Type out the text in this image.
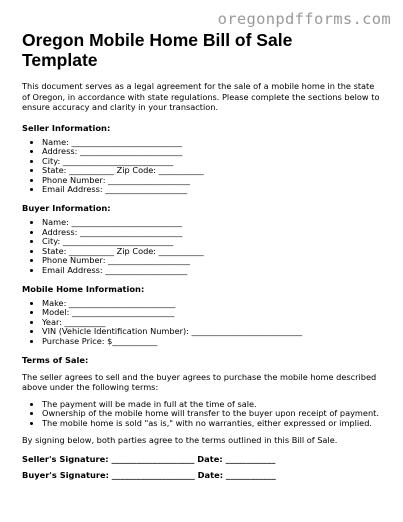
oregonpdfforms.com
Oregon Mobile Home Bill of Sale
Template

This document serves as a legal agreement for the sale of a mobile home in the state of Oregon, in accordance with state regulations. Please complete the sections below to ensure accuracy and clarity in your transaction.

Seller Information:
• Name: ___________________________
• Address: _________________________
• City: ___________________________
• State: ___________ Zip Code: ___________
• Phone Number: ____________________
• Email Address: ____________________
Buyer Information:
• Name: ___________________________
• Address: _________________________
• City: ___________________________
• State: ___________ Zip Code: ___________
• Phone Number: ____________________
• Email Address: ____________________
Mobile Home Information:
• Make: __________________________
• Model: _________________________
• Year: __________
• VIN (Vehicle Identification Number): ___________________________
• Purchase Price: $___________
Terms of Sale:

The seller agrees to sell and the buyer agrees to purchase the mobile home described above under the following terms:

• The payment will be made in full at the time of sale.
• Ownership of the mobile home will transfer to the buyer upon receipt of payment.
• The mobile home is sold "as is," with no warranties, either expressed or implied.

By signing below, both parties agree to the terms outlined in this Bill of Sale.

Seller's Signature: ____________________ Date: ____________
Buyer's Signature: ____________________ Date: ____________
